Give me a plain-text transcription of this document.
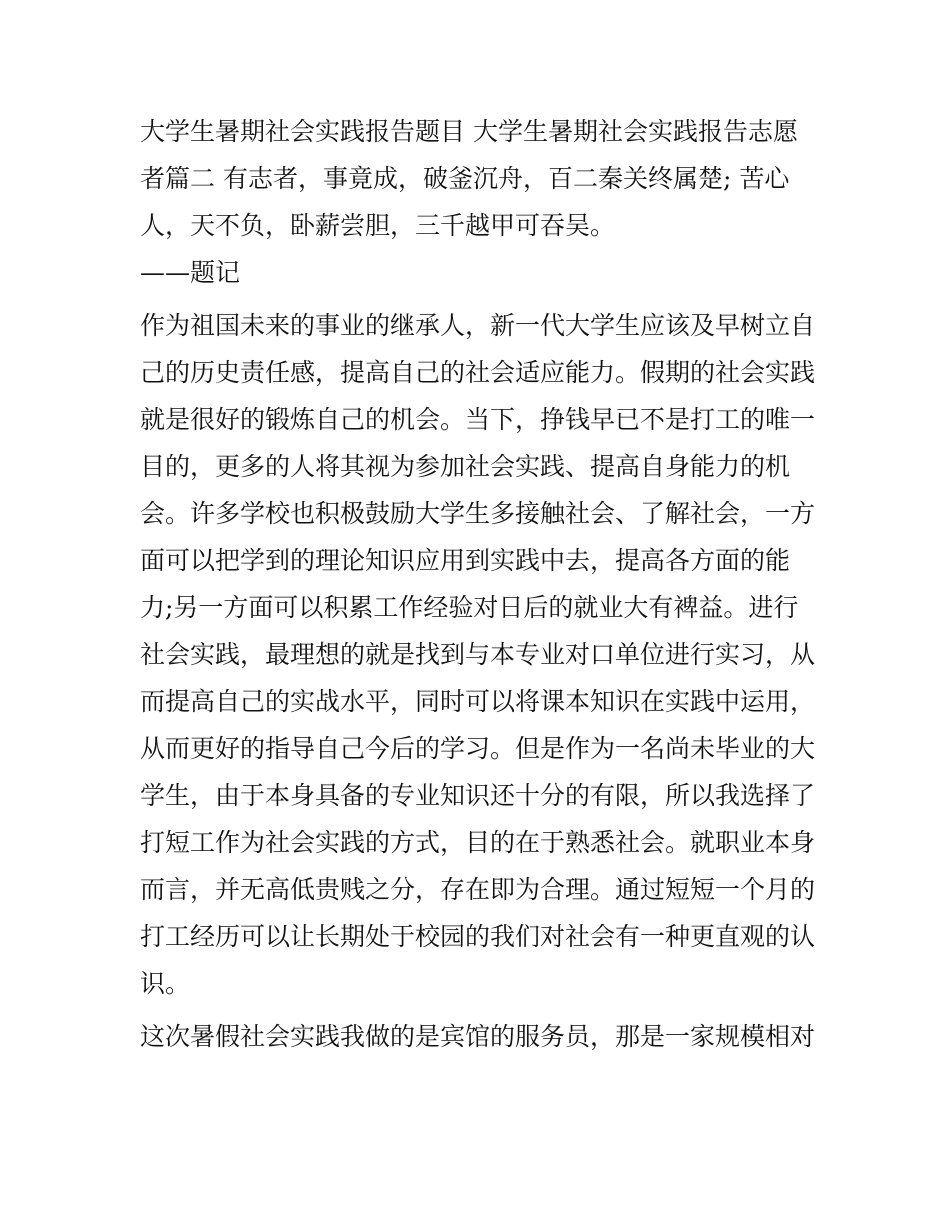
大学生暑期社会实践报告题目 大学生暑期社会实践报告志愿
者篇二 有志者，事竟成，破釜沉舟，百二秦关终属楚; 苦心
人，天不负，卧薪尝胆，三千越甲可吞吴。
——题记
作为祖国未来的事业的继承人，新一代大学生应该及早树立自
己的历史责任感，提高自己的社会适应能力。假期的社会实践
就是很好的锻炼自己的机会。当下，挣钱早已不是打工的唯一
目的，更多的人将其视为参加社会实践、提高自身能力的机
会。许多学校也积极鼓励大学生多接触社会、了解社会，一方
面可以把学到的理论知识应用到实践中去，提高各方面的能
力;另一方面可以积累工作经验对日后的就业大有裨益。进行
社会实践，最理想的就是找到与本专业对口单位进行实习，从
而提高自己的实战水平，同时可以将课本知识在实践中运用，
从而更好的指导自己今后的学习。但是作为一名尚未毕业的大
学生，由于本身具备的专业知识还十分的有限，所以我选择了
打短工作为社会实践的方式，目的在于熟悉社会。就职业本身
而言，并无高低贵贱之分，存在即为合理。通过短短一个月的
打工经历可以让长期处于校园的我们对社会有一种更直观的认
识。
这次暑假社会实践我做的是宾馆的服务员，那是一家规模相对
